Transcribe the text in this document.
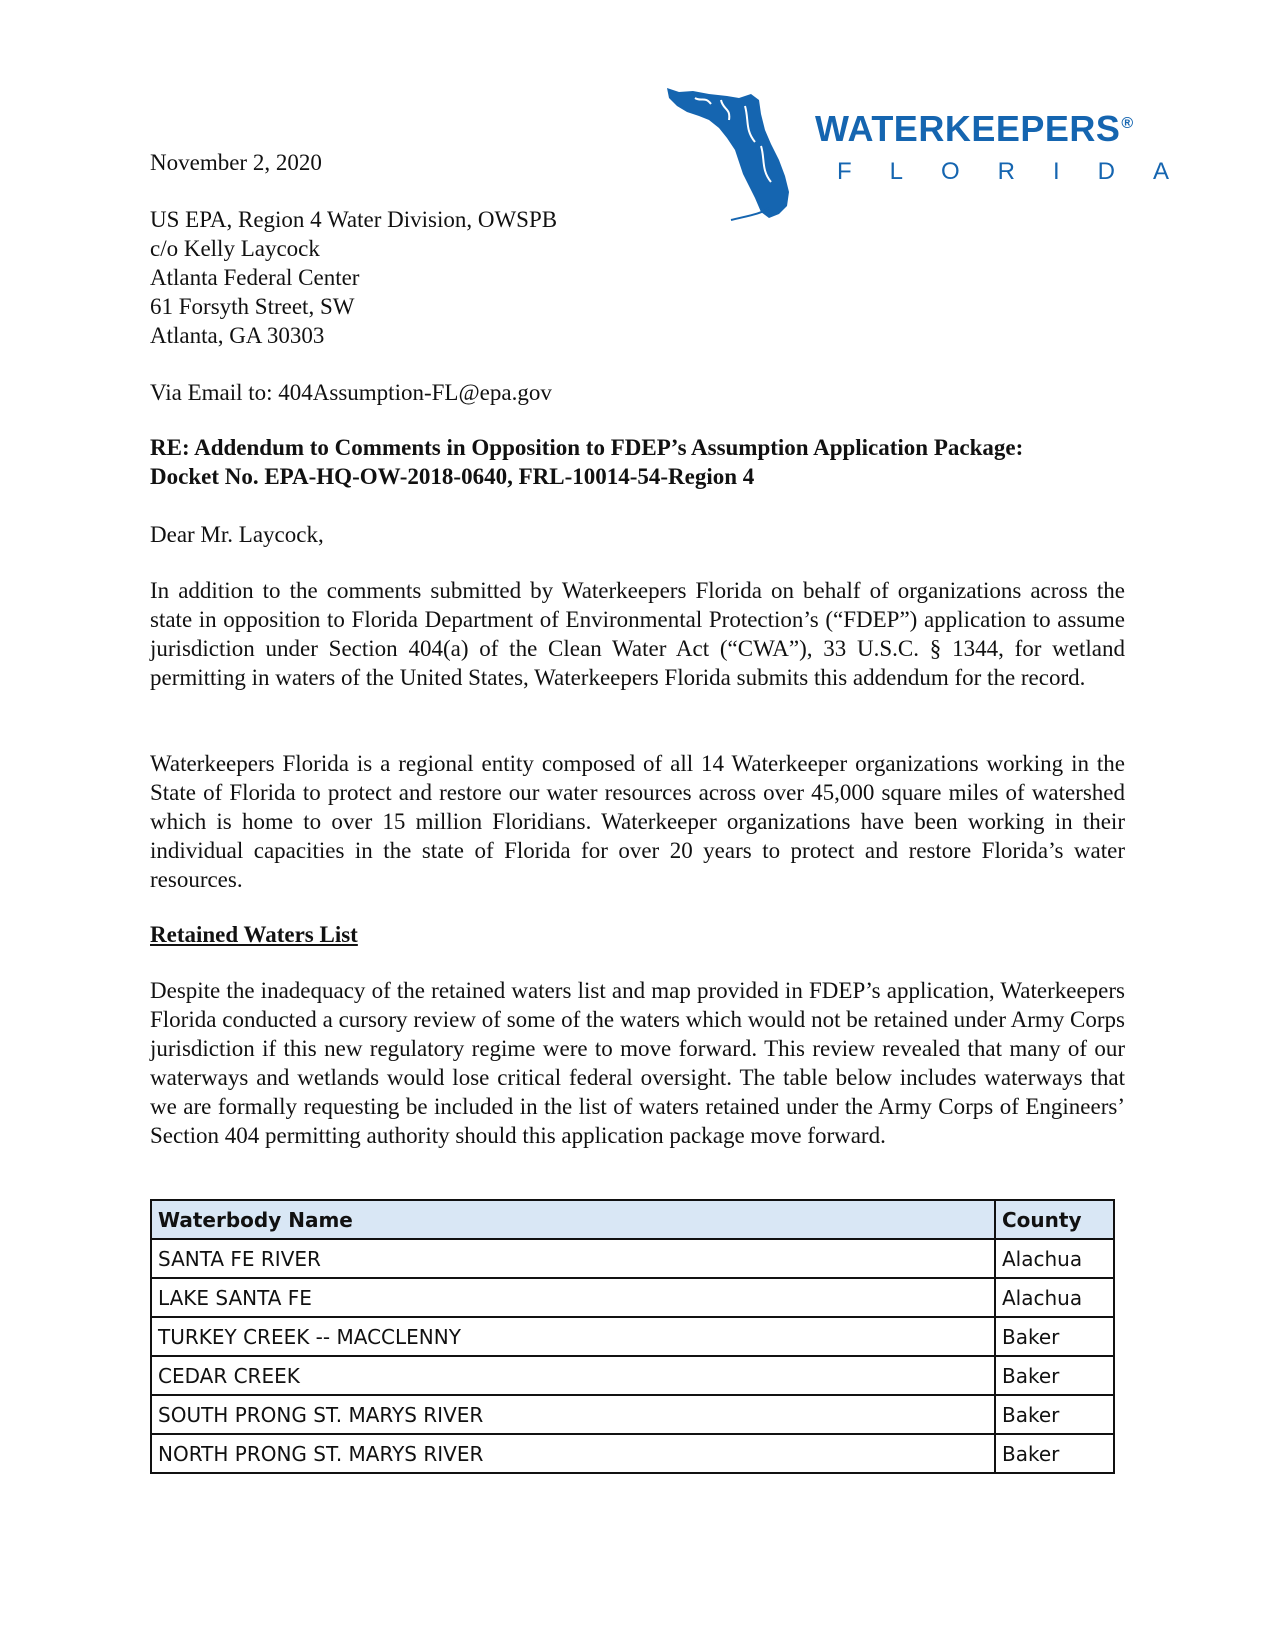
WATERKEEPERS®
FLORIDA
November 2, 2020
US EPA, Region 4 Water Division, OWSPB
c/o Kelly Laycock
Atlanta Federal Center
61 Forsyth Street, SW
Atlanta, GA 30303
Via Email to: 404Assumption-FL@epa.gov
RE: Addendum to Comments in Opposition to FDEP’s Assumption Application Package:
Docket No. EPA-HQ-OW-2018-0640, FRL-10014-54-Region 4
Dear Mr. Laycock,
In addition to the comments submitted by Waterkeepers Florida on behalf of organizations across the state in opposition to Florida Department of Environmental Protection’s (“FDEP”) application to assume jurisdiction under Section 404(a) of the Clean Water Act (“CWA”), 33 U.S.C. § 1344, for wetland permitting in waters of the United States, Waterkeepers Florida submits this addendum for the record.
Waterkeepers Florida is a regional entity composed of all 14 Waterkeeper organizations working in the State of Florida to protect and restore our water resources across over 45,000 square miles of watershed which is home to over 15 million Floridians. Waterkeeper organizations have been working in their individual capacities in the state of Florida for over 20 years to protect and restore Florida’s water resources.
Retained Waters List
Despite the inadequacy of the retained waters list and map provided in FDEP’s application, Waterkeepers Florida conducted a cursory review of some of the waters which would not be retained under Army Corps jurisdiction if this new regulatory regime were to move forward. This review revealed that many of our waterways and wetlands would lose critical federal oversight. The table below includes waterways that we are formally requesting be included in the list of waters retained under the Army Corps of Engineers’ Section 404 permitting authority should this application package move forward.
Waterbody Name	County
SANTA FE RIVER	Alachua
LAKE SANTA FE	Alachua
TURKEY CREEK -- MACCLENNY	Baker
CEDAR CREEK	Baker
SOUTH PRONG ST. MARYS RIVER	Baker
NORTH PRONG ST. MARYS RIVER	Baker
